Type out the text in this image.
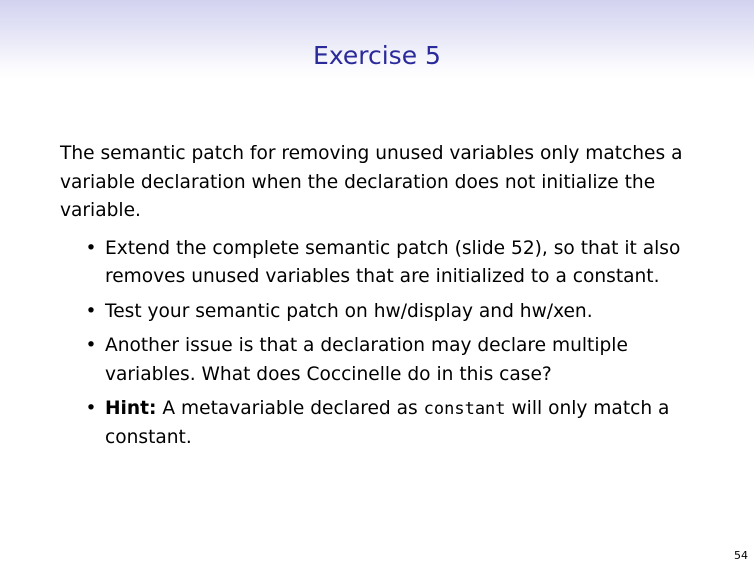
Exercise 5

The semantic patch for removing unused variables only matches a variable declaration when the declaration does not initialize the variable.

• Extend the complete semantic patch (slide 52), so that it also removes unused variables that are initialized to a constant.
• Test your semantic patch on hw/display and hw/xen.
• Another issue is that a declaration may declare multiple variables. What does Coccinelle do in this case?
• Hint: A metavariable declared as constant will only match a constant.
54
